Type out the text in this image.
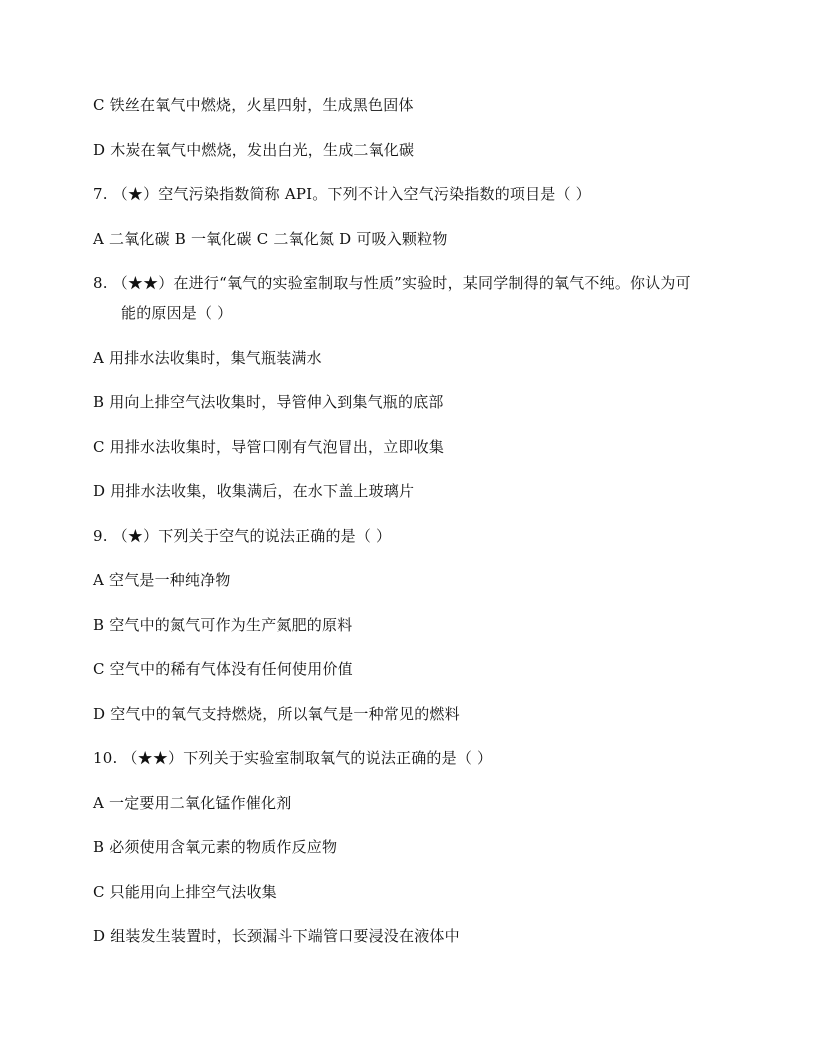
C 铁丝在氧气中燃烧，火星四射，生成黑色固体
D 木炭在氧气中燃烧，发出白光，生成二氧化碳
7. （★）空气污染指数简称 API。下列不计入空气污染指数的项目是（ ）
A 二氧化碳 B 一氧化碳 C 二氧化氮 D 可吸入颗粒物
8. （★★）在进行“氧气的实验室制取与性质”实验时，某同学制得的氧气不纯。你认为可
能的原因是（ ）
A 用排水法收集时，集气瓶装满水
B 用向上排空气法收集时，导管伸入到集气瓶的底部
C 用排水法收集时，导管口刚有气泡冒出，立即收集
D 用排水法收集，收集满后，在水下盖上玻璃片
9. （★）下列关于空气的说法正确的是（ ）
A 空气是一种纯净物
B 空气中的氮气可作为生产氮肥的原料
C 空气中的稀有气体没有任何使用价值
D 空气中的氧气支持燃烧，所以氧气是一种常见的燃料
10. （★★）下列关于实验室制取氧气的说法正确的是（ ）
A 一定要用二氧化锰作催化剂
B 必须使用含氧元素的物质作反应物
C 只能用向上排空气法收集
D 组装发生装置时，长颈漏斗下端管口要浸没在液体中
